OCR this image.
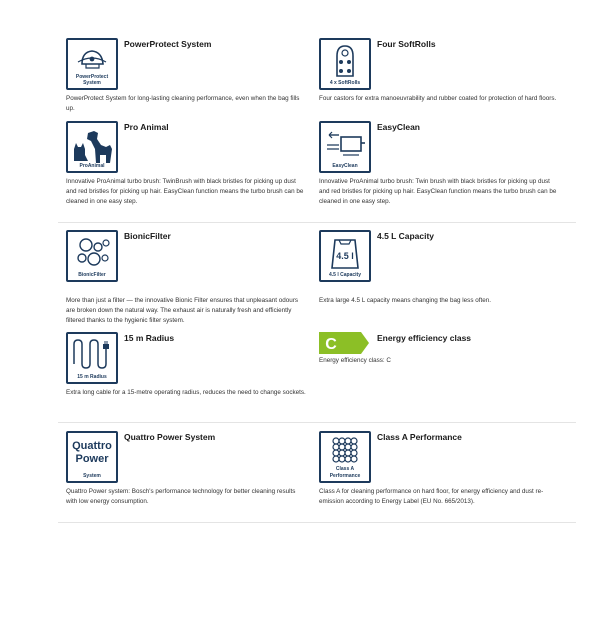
PowerProtect
System
PowerProtect System
PowerProtect System for long-lasting cleaning performance, even when the bag fills up.
4 x SoftRolls
Four SoftRolls
Four castors for extra manoeuvrability and rubber coated for protection of hard floors.
ProAnimal
Pro Animal
Innovative ProAnimal turbo brush: TwinBrush with black bristles for picking up dust and red bristles for picking up hair. EasyClean function means the turbo brush can be cleaned in one easy step.
EasyClean
EasyClean
Innovative ProAnimal turbo brush: Twin brush with black bristles for picking up dust and red bristles for picking up hair. EasyClean function means the turbo brush can be cleaned in one easy step.
BionicFilter
BionicFilter
More than just a filter — the innovative Bionic Filter ensures that unpleasant odours are broken down the natural way. The exhaust air is naturally fresh and efficiently filtered thanks to the hygienic filter system.
4.5 l
4.5 l Capacity
4.5 L Capacity
Extra large 4.5 L capacity means changing the bag less often.
15 m Radius
15 m Radius
Extra long cable for a 15-metre operating radius, reduces the need to change sockets.
C	Energy efficiency class
Energy efficiency class: C
Quattro
Power
System
Quattro Power System
Quattro Power system: Bosch's performance technology for better cleaning results with low energy consumption.
Class A
Performance
Class A Performance
Class A for cleaning performance on hard floor, for energy efficiency and dust re-emission according to Energy Label (EU No. 665/2013).
